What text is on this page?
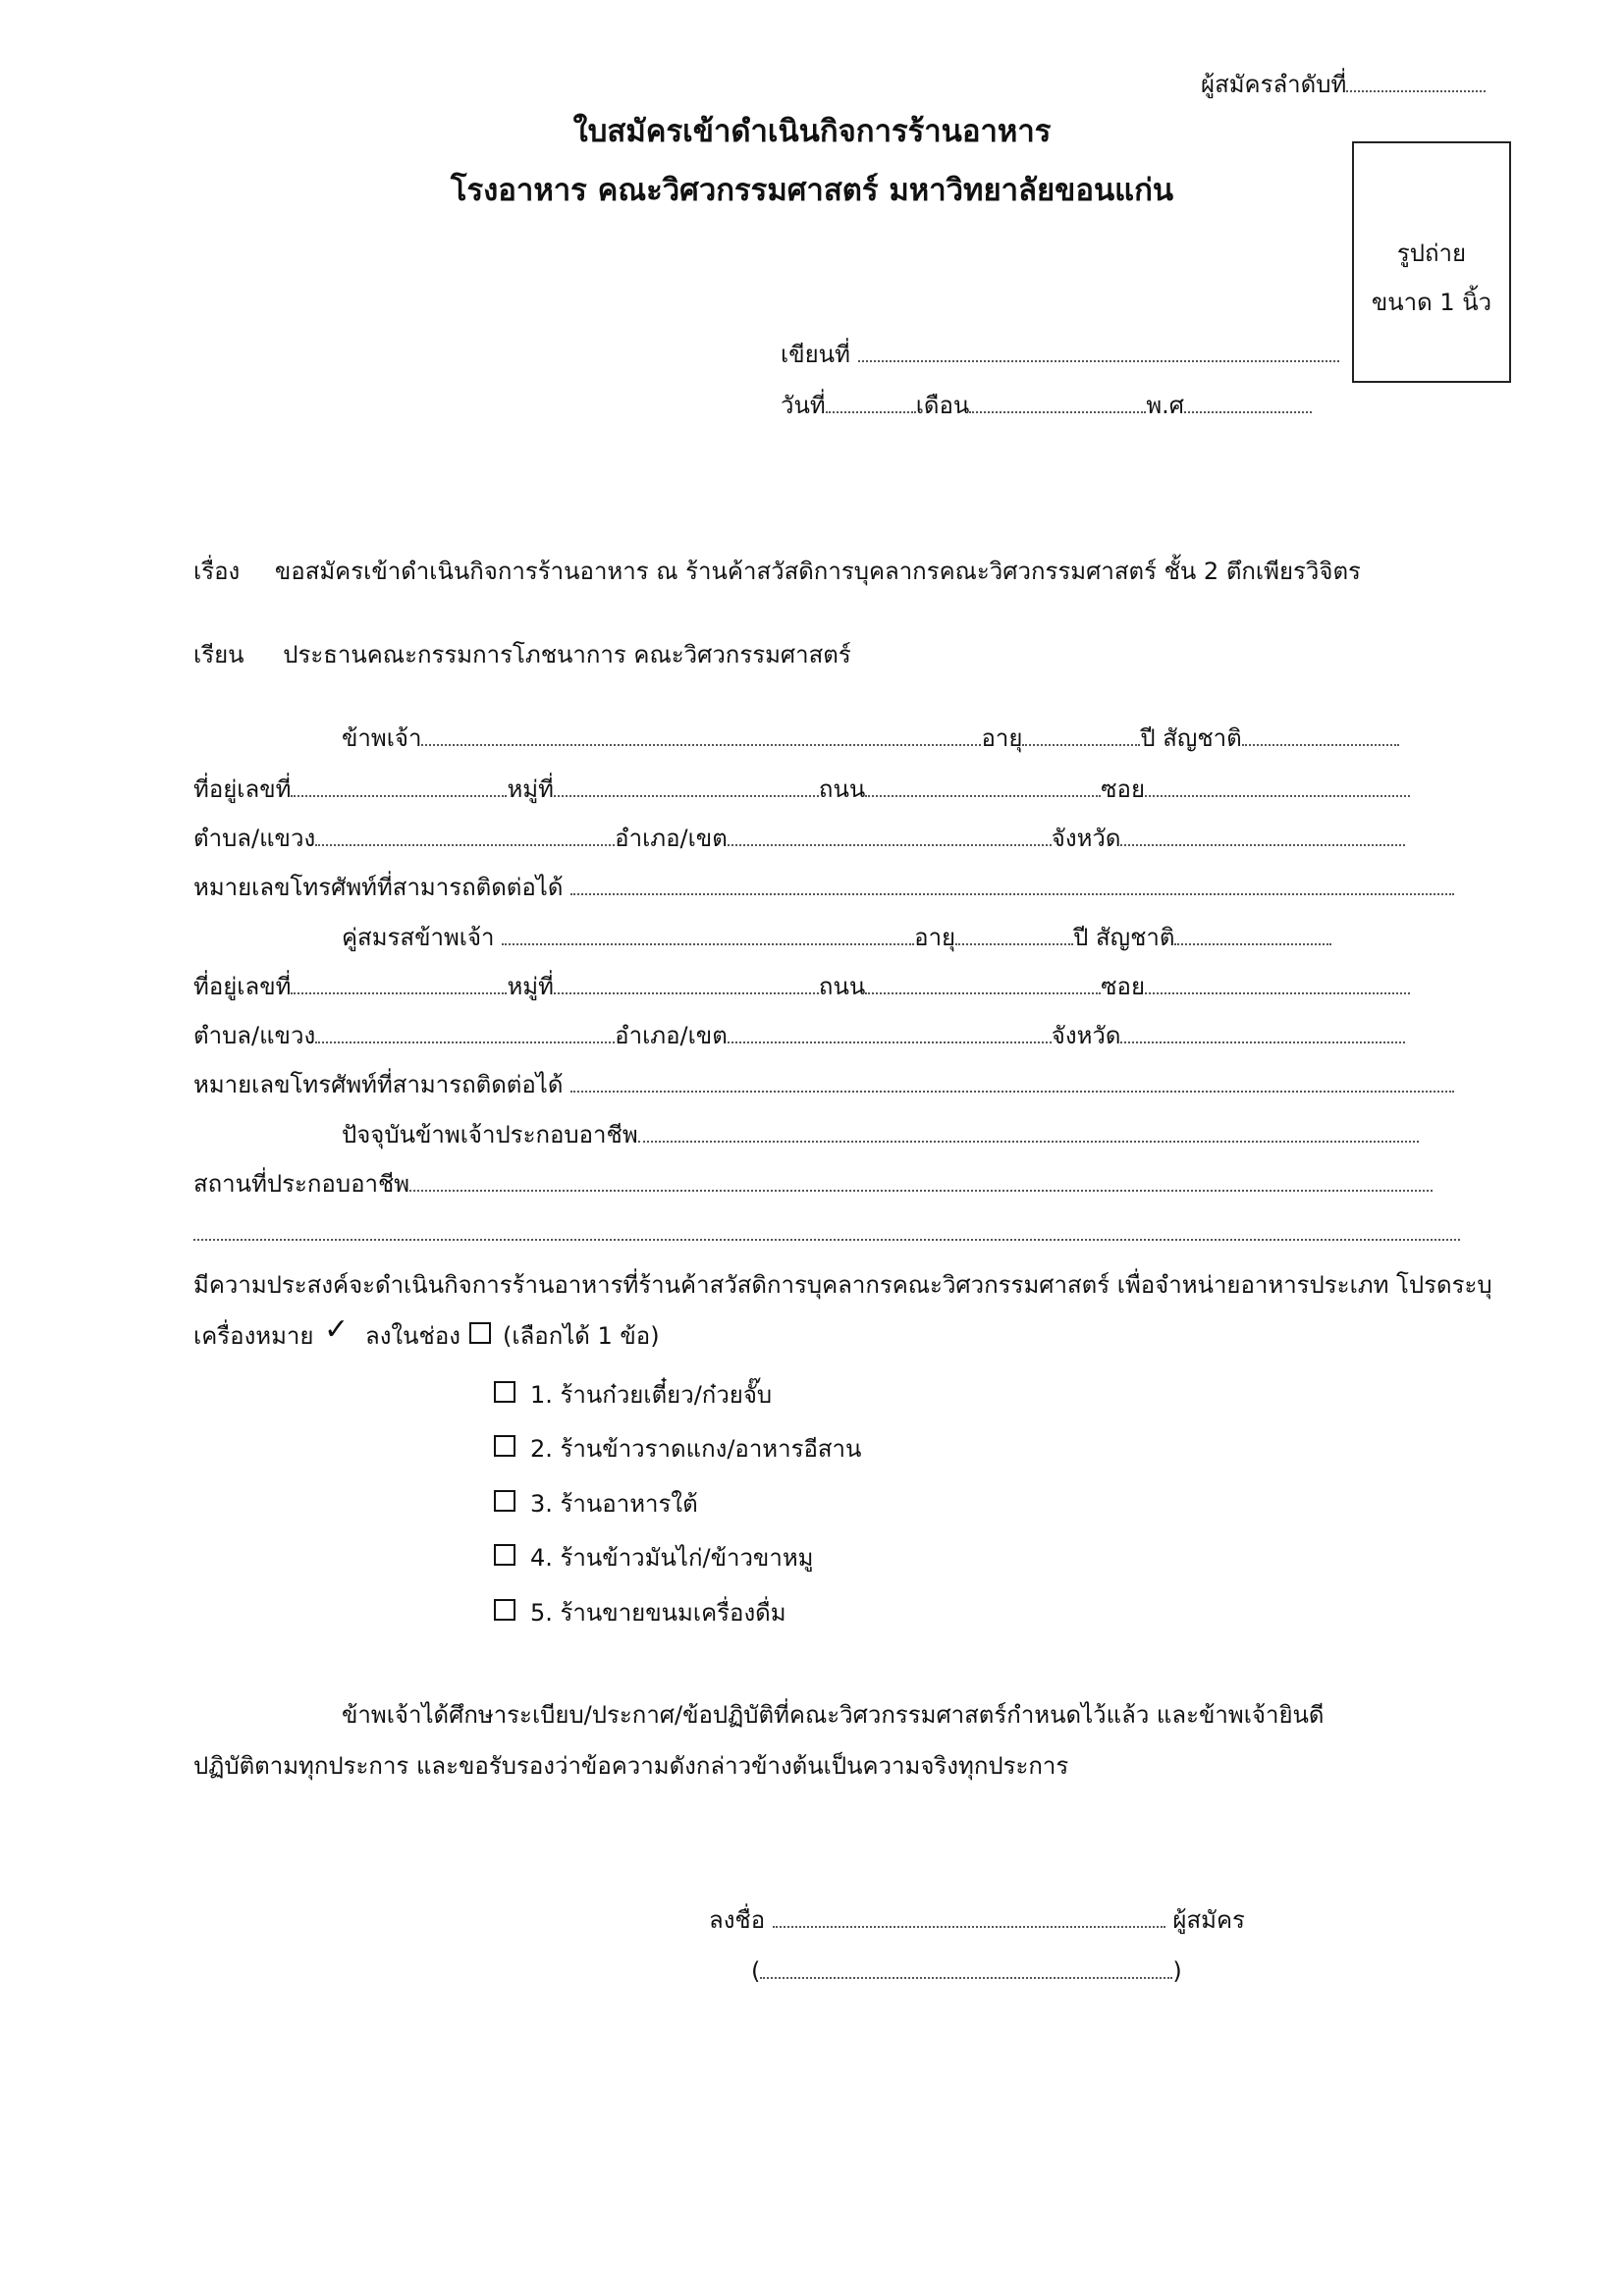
ผู้สมัครลำดับที่
ใบสมัครเข้าดำเนินกิจการร้านอาหาร
โรงอาหาร คณะวิศวกรรมศาสตร์ มหาวิทยาลัยขอนแก่น
รูปถ่าย
ขนาด 1 นิ้ว
เขียนที่
วันที่	เดือน	พ.ศ
เรื่อง ขอสมัครเข้าดำเนินกิจการร้านอาหาร ณ ร้านค้าสวัสดิการบุคลากรคณะวิศวกรรมศาสตร์ ชั้น 2 ตึกเพียรวิจิตร
เรียน ประธานคณะกรรมการโภชนาการ คณะวิศวกรรมศาสตร์
ข้าพเจ้า	อายุ	ปี สัญชาติ
ที่อยู่เลขที่	หมู่ที่	ถนน	ซอย
ตำบล/แขวง	อำเภอ/เขต	จังหวัด
หมายเลขโทรศัพท์ที่สามารถติดต่อได้
คู่สมรสข้าพเจ้า	อายุ	ปี สัญชาติ
ที่อยู่เลขที่	หมู่ที่	ถนน	ซอย
ตำบล/แขวง	อำเภอ/เขต	จังหวัด
หมายเลขโทรศัพท์ที่สามารถติดต่อได้
ปัจจุบันข้าพเจ้าประกอบอาชีพ
สถานที่ประกอบอาชีพ
มีความประสงค์จะดำเนินกิจการร้านอาหารที่ร้านค้าสวัสดิการบุคลากรคณะวิศวกรรมศาสตร์ เพื่อจำหน่ายอาหารประเภท โปรดระบุ
เครื่องหมาย ✓ ลงในช่อง (เลือกได้ 1 ข้อ)
1. ร้านก๋วยเตี๋ยว/ก๋วยจั๊บ
2. ร้านข้าวราดแกง/อาหารอีสาน
3. ร้านอาหารใต้
4. ร้านข้าวมันไก่/ข้าวขาหมู
5. ร้านขายขนมเครื่องดื่ม
ข้าพเจ้าได้ศึกษาระเบียบ/ประกาศ/ข้อปฏิบัติที่คณะวิศวกรรมศาสตร์กำหนดไว้แล้ว และข้าพเจ้ายินดี
ปฏิบัติตามทุกประการ และขอรับรองว่าข้อความดังกล่าวข้างต้นเป็นความจริงทุกประการ
ลงชื่อ	ผู้สมัคร
(	)
